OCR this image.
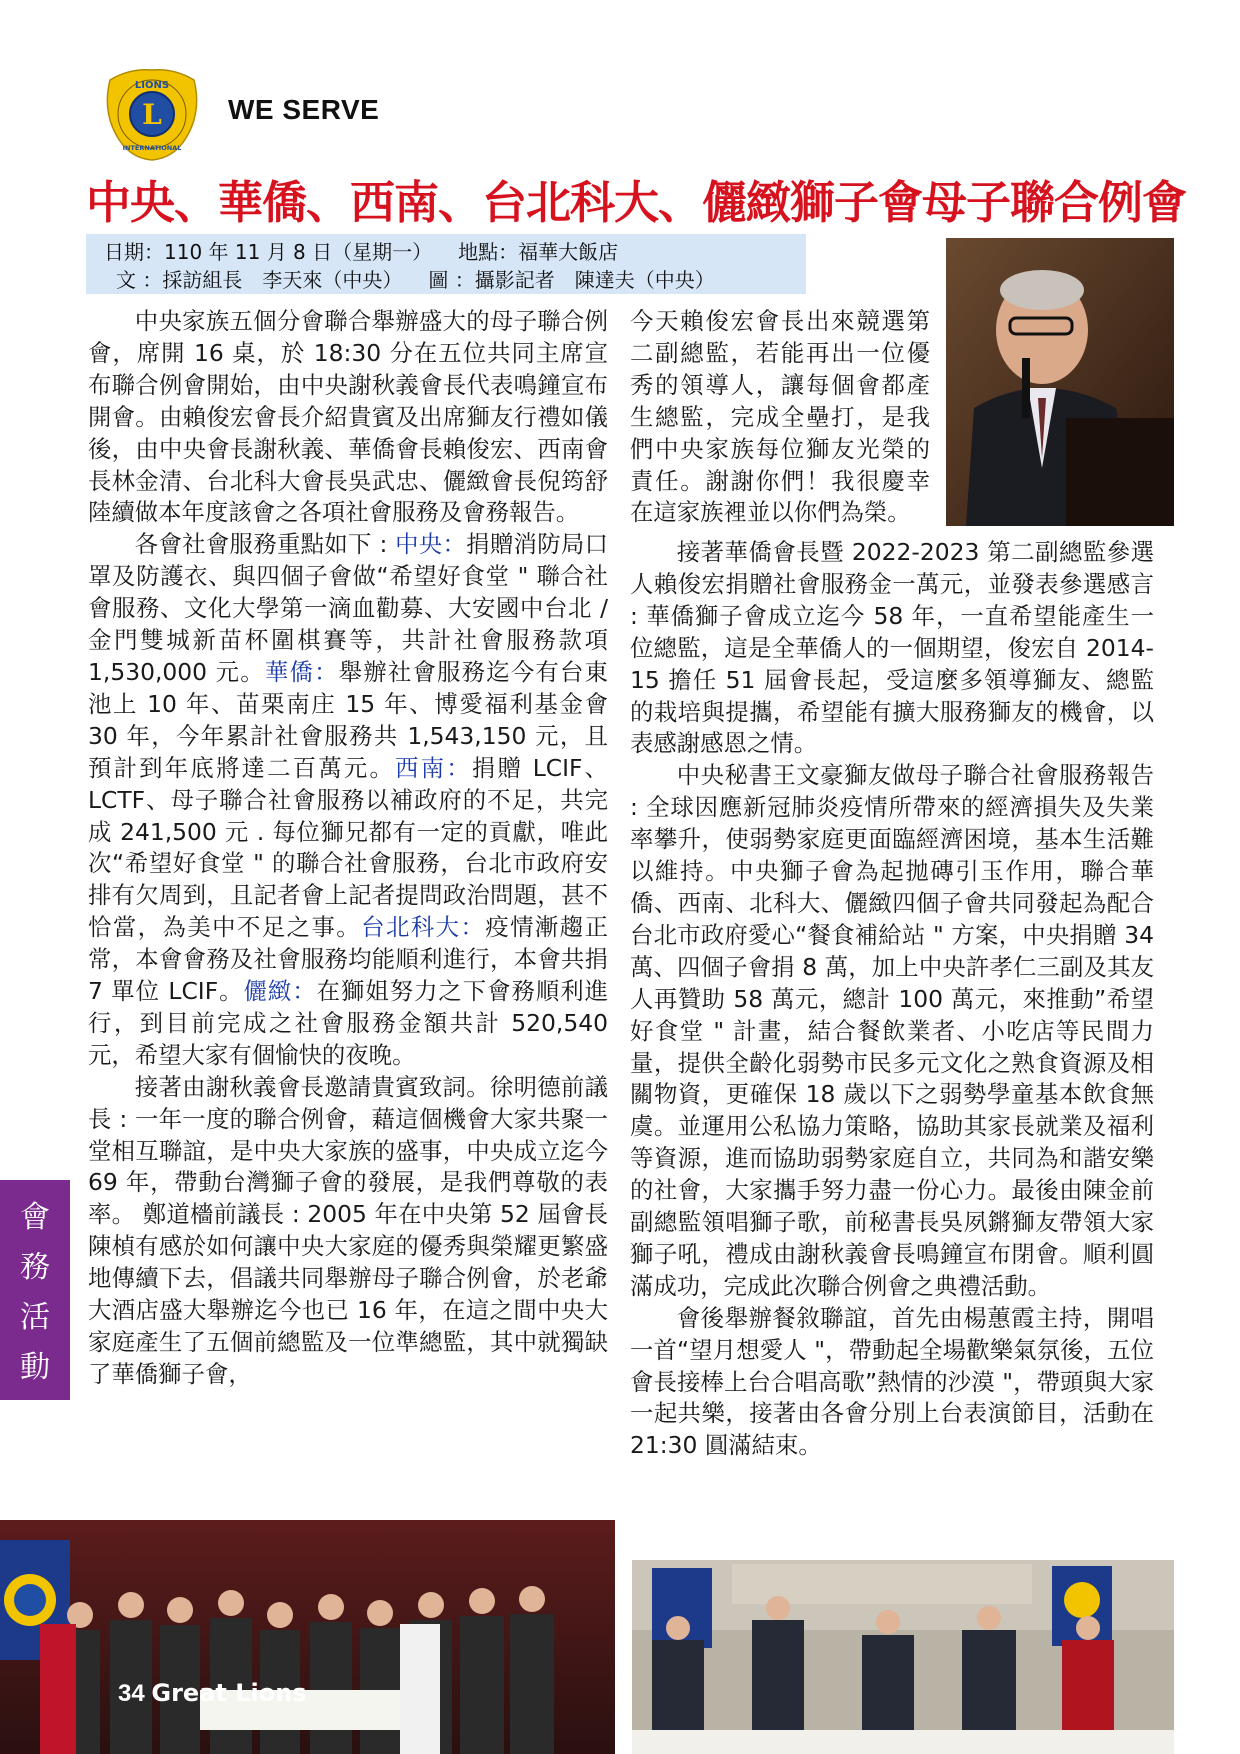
L
LIONS
INTERNATIONAL
WE SERVE
中央、華僑、西南、台北科大、儷緻獅子會母子聯合例會
日期：110 年 11 月 8 日（星期一） 地點：福華大飯店
文 ：採訪組長　李天來（中央） 圖 ：攝影記者　陳達夫（中央）

中央家族五個分會聯合舉辦盛大的母子聯合例會，席開 16 桌，於 18:30 分在五位共同主席宣布聯合例會開始，由中央謝秋義會長代表鳴鐘宣布開會。由賴俊宏會長介紹貴賓及出席獅友行禮如儀後，由中央會長謝秋義、華僑會長賴俊宏、西南會長林金清、台北科大會長吳武忠、儷緻會長倪筠舒陸續做本年度該會之各項社會服務及會務報告。

各會社會服務重點如下 : 中央：捐贈消防局口罩及防護衣、與四個子會做“希望好食堂 " 聯合社會服務、文化大學第一滴血勸募、大安國中台北 / 金門雙城新苗杯圍棋賽等，共計社會服務款項 1,530,000 元。華僑：舉辦社會服務迄今有台東池上 10 年、苗栗南庄 15 年、博愛福利基金會 30 年，今年累計社會服務共 1,543,150 元，且預計到年底將達二百萬元。西南：捐贈 LCIF、LCTF、母子聯合社會服務以補政府的不足，共完成 241,500 元 . 每位獅兄都有一定的貢獻，唯此次“希望好食堂 " 的聯合社會服務，台北市政府安排有欠周到，且記者會上記者提問政治問題，甚不恰當，為美中不足之事。台北科大：疫情漸趨正常，本會會務及社會服務均能順利進行，本會共捐 7 單位 LCIF。儷緻：在獅姐努力之下會務順利進行，到目前完成之社會服務金額共計 520,540 元，希望大家有個愉快的夜晚。

接著由謝秋義會長邀請貴賓致詞。徐明德前議長 : 一年一度的聯合例會，藉這個機會大家共聚一堂相互聯誼，是中央大家族的盛事，中央成立迄今 69 年，帶動台灣獅子會的發展，是我們尊敬的表率。 鄭道檣前議長 : 2005 年在中央第 52 屆會長陳楨有感於如何讓中央大家庭的優秀與榮耀更繁盛地傳續下去，倡議共同舉辦母子聯合例會，於老爺大酒店盛大舉辦迄今也已 16 年，在這之間中央大家庭產生了五個前總監及一位準總監，其中就獨缺了華僑獅子會，

今天賴俊宏會長出來競選第二副總監，若能再出一位優秀的領導人，讓每個會都產生總監，完成全壘打，是我們中央家族每位獅友光榮的責任。謝謝你們！我很慶幸在這家族裡並以你們為榮。

接著華僑會長暨 2022-2023 第二副總監參選人賴俊宏捐贈社會服務金一萬元，並發表參選感言 : 華僑獅子會成立迄今 58 年，一直希望能產生一位總監，這是全華僑人的一個期望，俊宏自 2014-15 擔任 51 屆會長起，受這麼多領導獅友、總監的栽培與提攜，希望能有擴大服務獅友的機會，以表感謝感恩之情。

中央秘書王文豪獅友做母子聯合社會服務報告 : 全球因應新冠肺炎疫情所帶來的經濟損失及失業率攀升，使弱勢家庭更面臨經濟困境，基本生活難以維持。中央獅子會為起拋磚引玉作用，聯合華僑、西南、北科大、儷緻四個子會共同發起為配合台北市政府愛心“餐食補給站 " 方案，中央捐贈 34 萬、四個子會捐 8 萬，加上中央許孝仁三副及其友人再贊助 58 萬元，總計 100 萬元，來推動”希望好食堂 " 計畫，結合餐飲業者、小吃店等民間力量，提供全齡化弱勢市民多元文化之熟食資源及相關物資，更確保 18 歲以下之弱勢學童基本飲食無虞。並運用公私協力策略，協助其家長就業及福利等資源，進而協助弱勢家庭自立，共同為和諧安樂的社會，大家攜手努力盡一份心力。最後由陳金前副總監領唱獅子歌，前秘書長吳夙鏘獅友帶領大家獅子吼，禮成由謝秋義會長鳴鐘宣布閉會。順利圓滿成功，完成此次聯合例會之典禮活動。

會後舉辦餐敘聯誼，首先由楊蕙霞主持，開唱一首“望月想愛人 "，帶動起全場歡樂氣氛後，五位會長接棒上台合唱高歌”熱情的沙漠 "，帶頭與大家一起共樂，接著由各會分別上台表演節目，活動在 21:30 圓滿結束。

會
務
活
動
34 Great Lions
